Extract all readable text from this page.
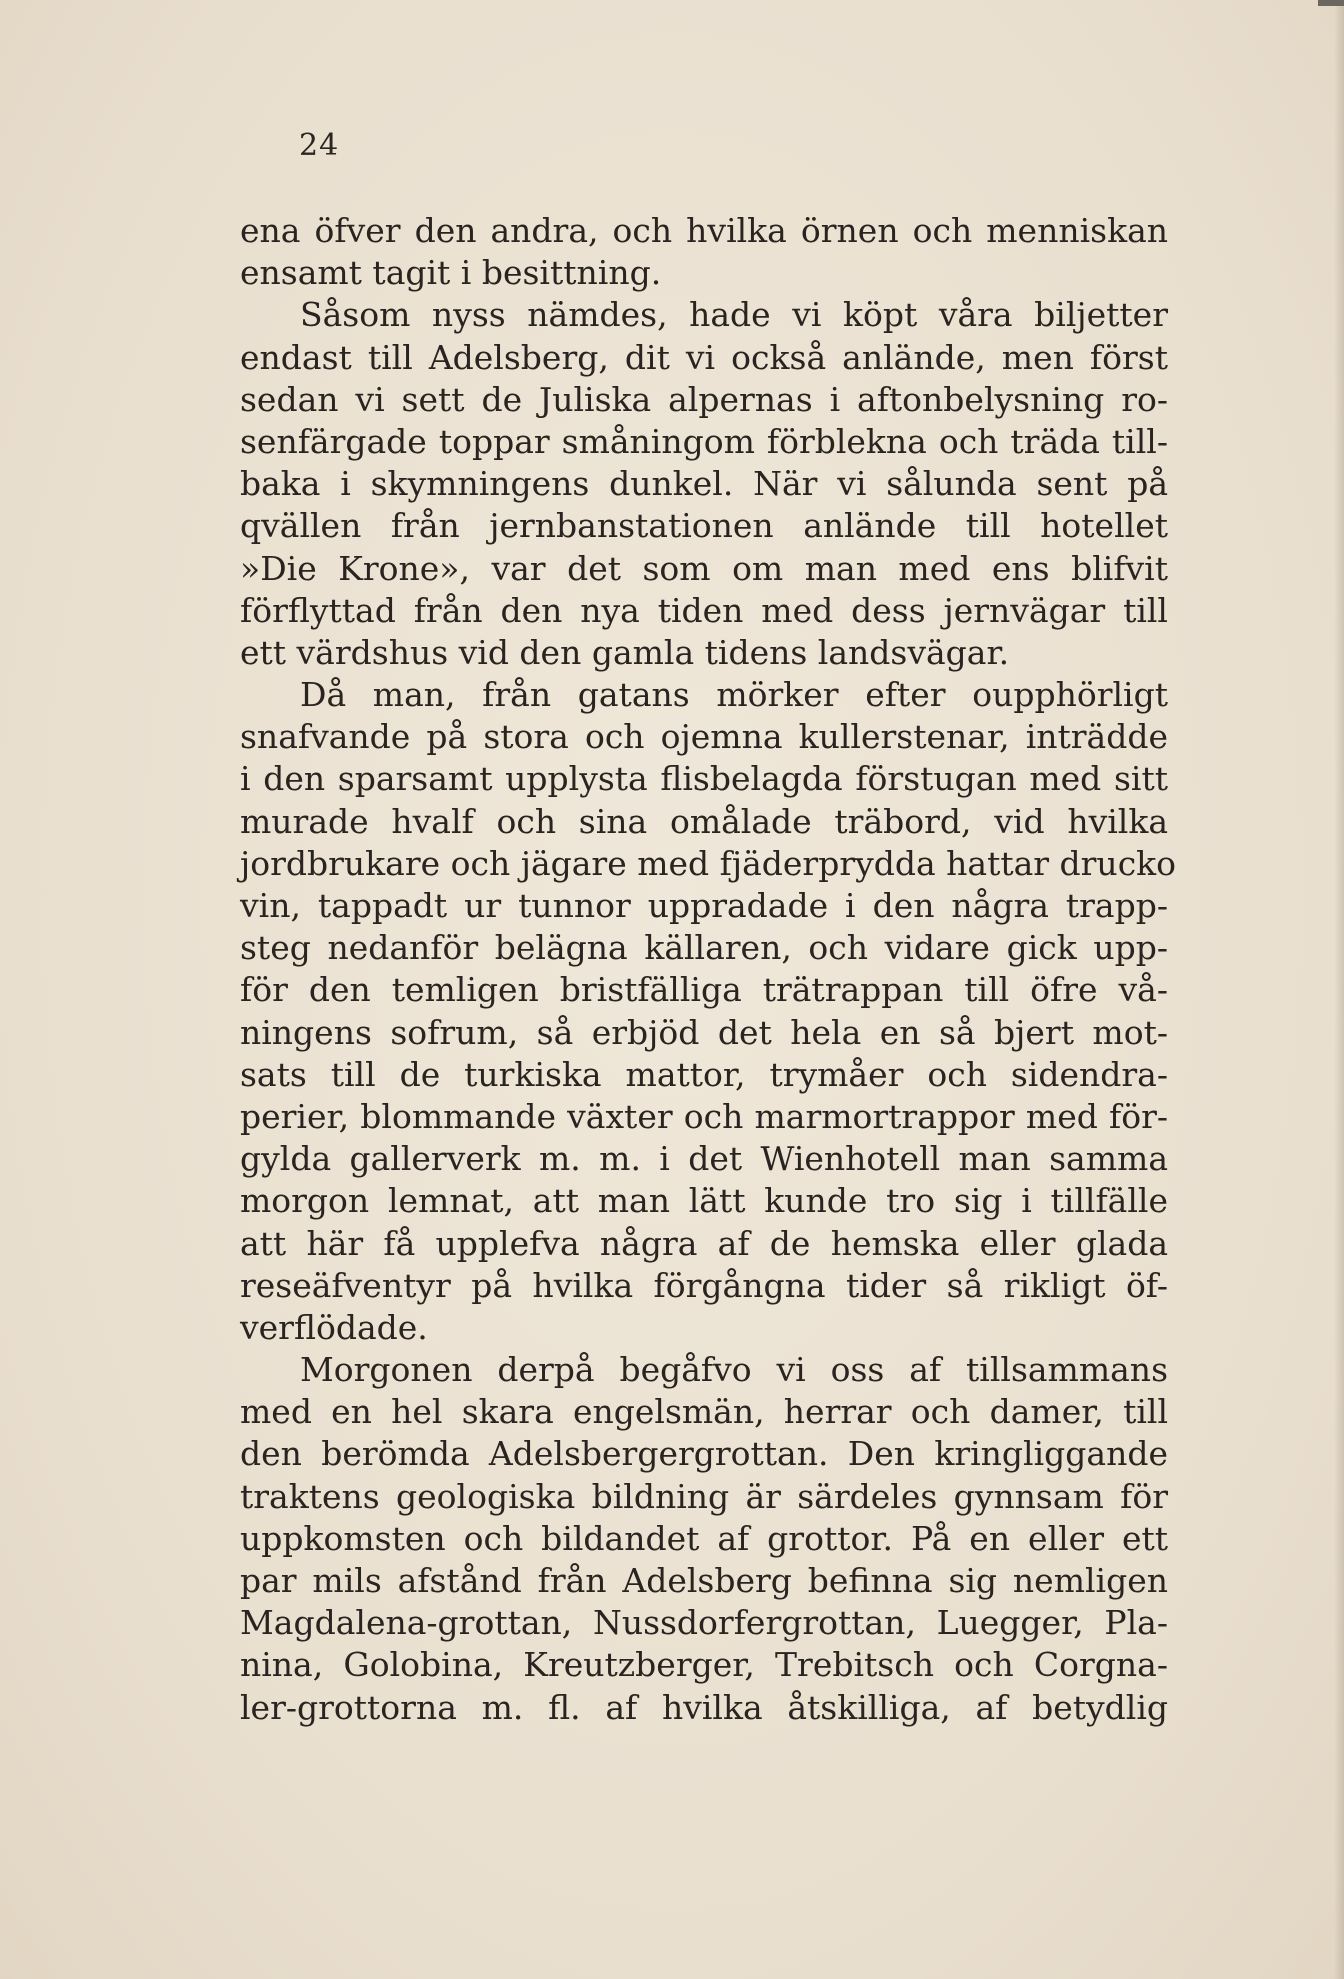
24
ena öfver den andra, och hvilka örnen och menniskan
ensamt tagit i besittning.
Såsom nyss nämdes, hade vi köpt våra biljetter
endast till Adelsberg, dit vi också anlände, men först
sedan vi sett de Juliska alpernas i aftonbelysning ro-
senfärgade toppar småningom förblekna och träda till-
baka i skymningens dunkel. När vi sålunda sent på
qvällen från jernbanstationen anlände till hotellet
»Die Krone», var det som om man med ens blifvit
förflyttad från den nya tiden med dess jernvägar till
ett värdshus vid den gamla tidens landsvägar.
Då man, från gatans mörker efter oupphörligt
snafvande på stora och ojemna kullerstenar, inträdde
i den sparsamt upplysta flisbelagda förstugan med sitt
murade hvalf och sina omålade träbord, vid hvilka
jordbrukare och jägare med fjäderprydda hattar drucko
vin, tappadt ur tunnor uppradade i den några trapp-
steg nedanför belägna källaren, och vidare gick upp-
för den temligen bristfälliga trätrappan till öfre vå-
ningens sofrum, så erbjöd det hela en så bjert mot-
sats till de turkiska mattor, trymåer och sidendra-
perier, blommande växter och marmortrappor med för-
gylda gallerverk m. m. i det Wienhotell man samma
morgon lemnat, att man lätt kunde tro sig i tillfälle
att här få upplefva några af de hemska eller glada
reseäfventyr på hvilka förgångna tider så rikligt öf-
verflödade.
Morgonen derpå begåfvo vi oss af tillsammans
med en hel skara engelsmän, herrar och damer, till
den berömda Adelsbergergrottan. Den kringliggande
traktens geologiska bildning är särdeles gynnsam för
uppkomsten och bildandet af grottor. På en eller ett
par mils afstånd från Adelsberg befinna sig nemligen
Magdalena-grottan, Nussdorfergrottan, Luegger, Pla-
nina, Golobina, Kreutzberger, Trebitsch och Corgna-
ler-grottorna m. fl. af hvilka åtskilliga, af betydlig
